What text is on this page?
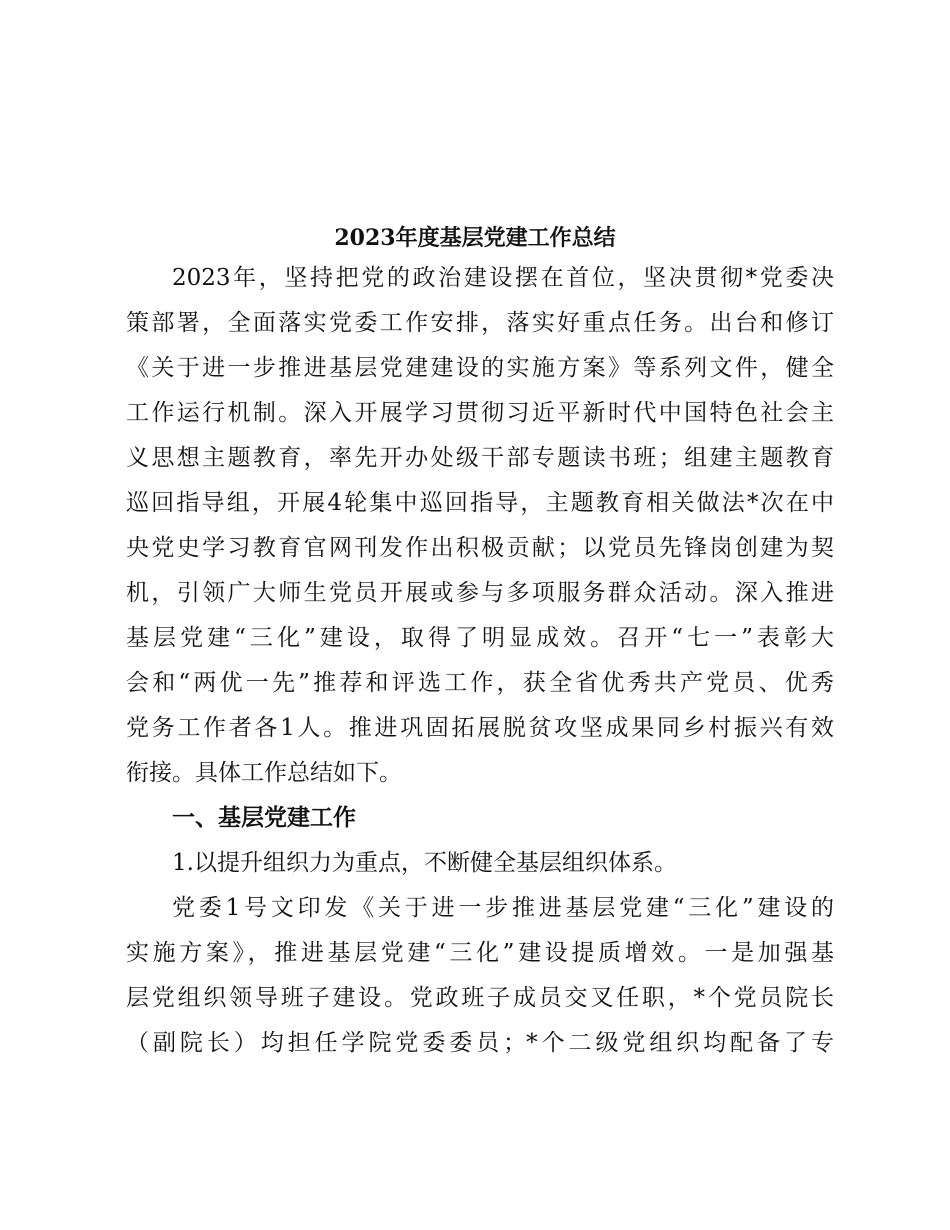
2023年度基层党建工作总结
2023年，坚持把党的政治建设摆在首位，坚决贯彻*党委决
策部署，全面落实党委工作安排，落实好重点任务。出台和修订
《关于进一步推进基层党建建设的实施方案》等系列文件，健全
工作运行机制。深入开展学习贯彻习近平新时代中国特色社会主
义思想主题教育，率先开办处级干部专题读书班；组建主题教育
巡回指导组，开展4轮集中巡回指导，主题教育相关做法*次在中
央党史学习教育官网刊发作出积极贡献；以党员先锋岗创建为契
机，引领广大师生党员开展或参与多项服务群众活动。深入推进
基层党建“三化”建设，取得了明显成效。召开“七一”表彰大
会和“两优一先”推荐和评选工作，获全省优秀共产党员、优秀
党务工作者各1人。推进巩固拓展脱贫攻坚成果同乡村振兴有效
衔接。具体工作总结如下。
一、基层党建工作
1.以提升组织力为重点，不断健全基层组织体系。
党委1号文印发《关于进一步推进基层党建“三化”建设的
实施方案》，推进基层党建“三化”建设提质增效。一是加强基
层党组织领导班子建设。党政班子成员交叉任职，*个党员院长
（副院长）均担任学院党委委员；*个二级党组织均配备了专
